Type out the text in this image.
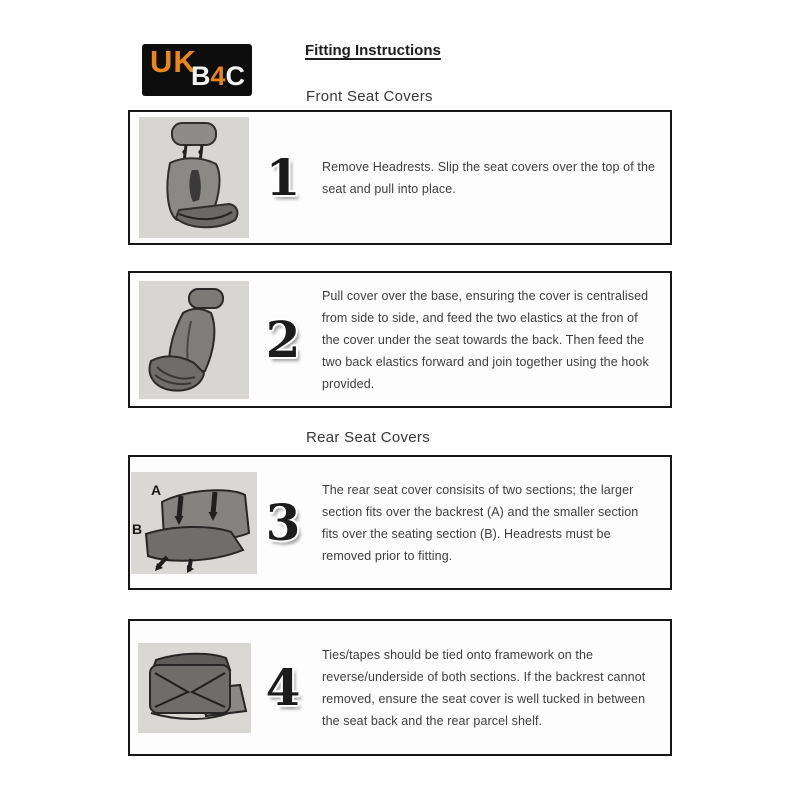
UK
B4C
Fitting Instructions
Front Seat Covers
1 Remove Headrests. Slip the seat covers over the top of the seat and pull into place.

2

Pull cover over the base, ensuring the cover is centralised from side to side, and feed the two elastics at the fron of the cover under the seat towards the back. Then feed the two back elastics forward and join together using the hook provided.

Rear Seat Covers
A
B 3

The rear seat cover consisits of two sections; the larger section fits over the backrest (A) and the smaller section fits over the seating section (B). Headrests must be removed prior to fitting.

4

Ties/tapes should be tied onto framework on the reverse/underside of both sections. If the backrest cannot removed, ensure the seat cover is well tucked in between the seat back and the rear parcel shelf.
